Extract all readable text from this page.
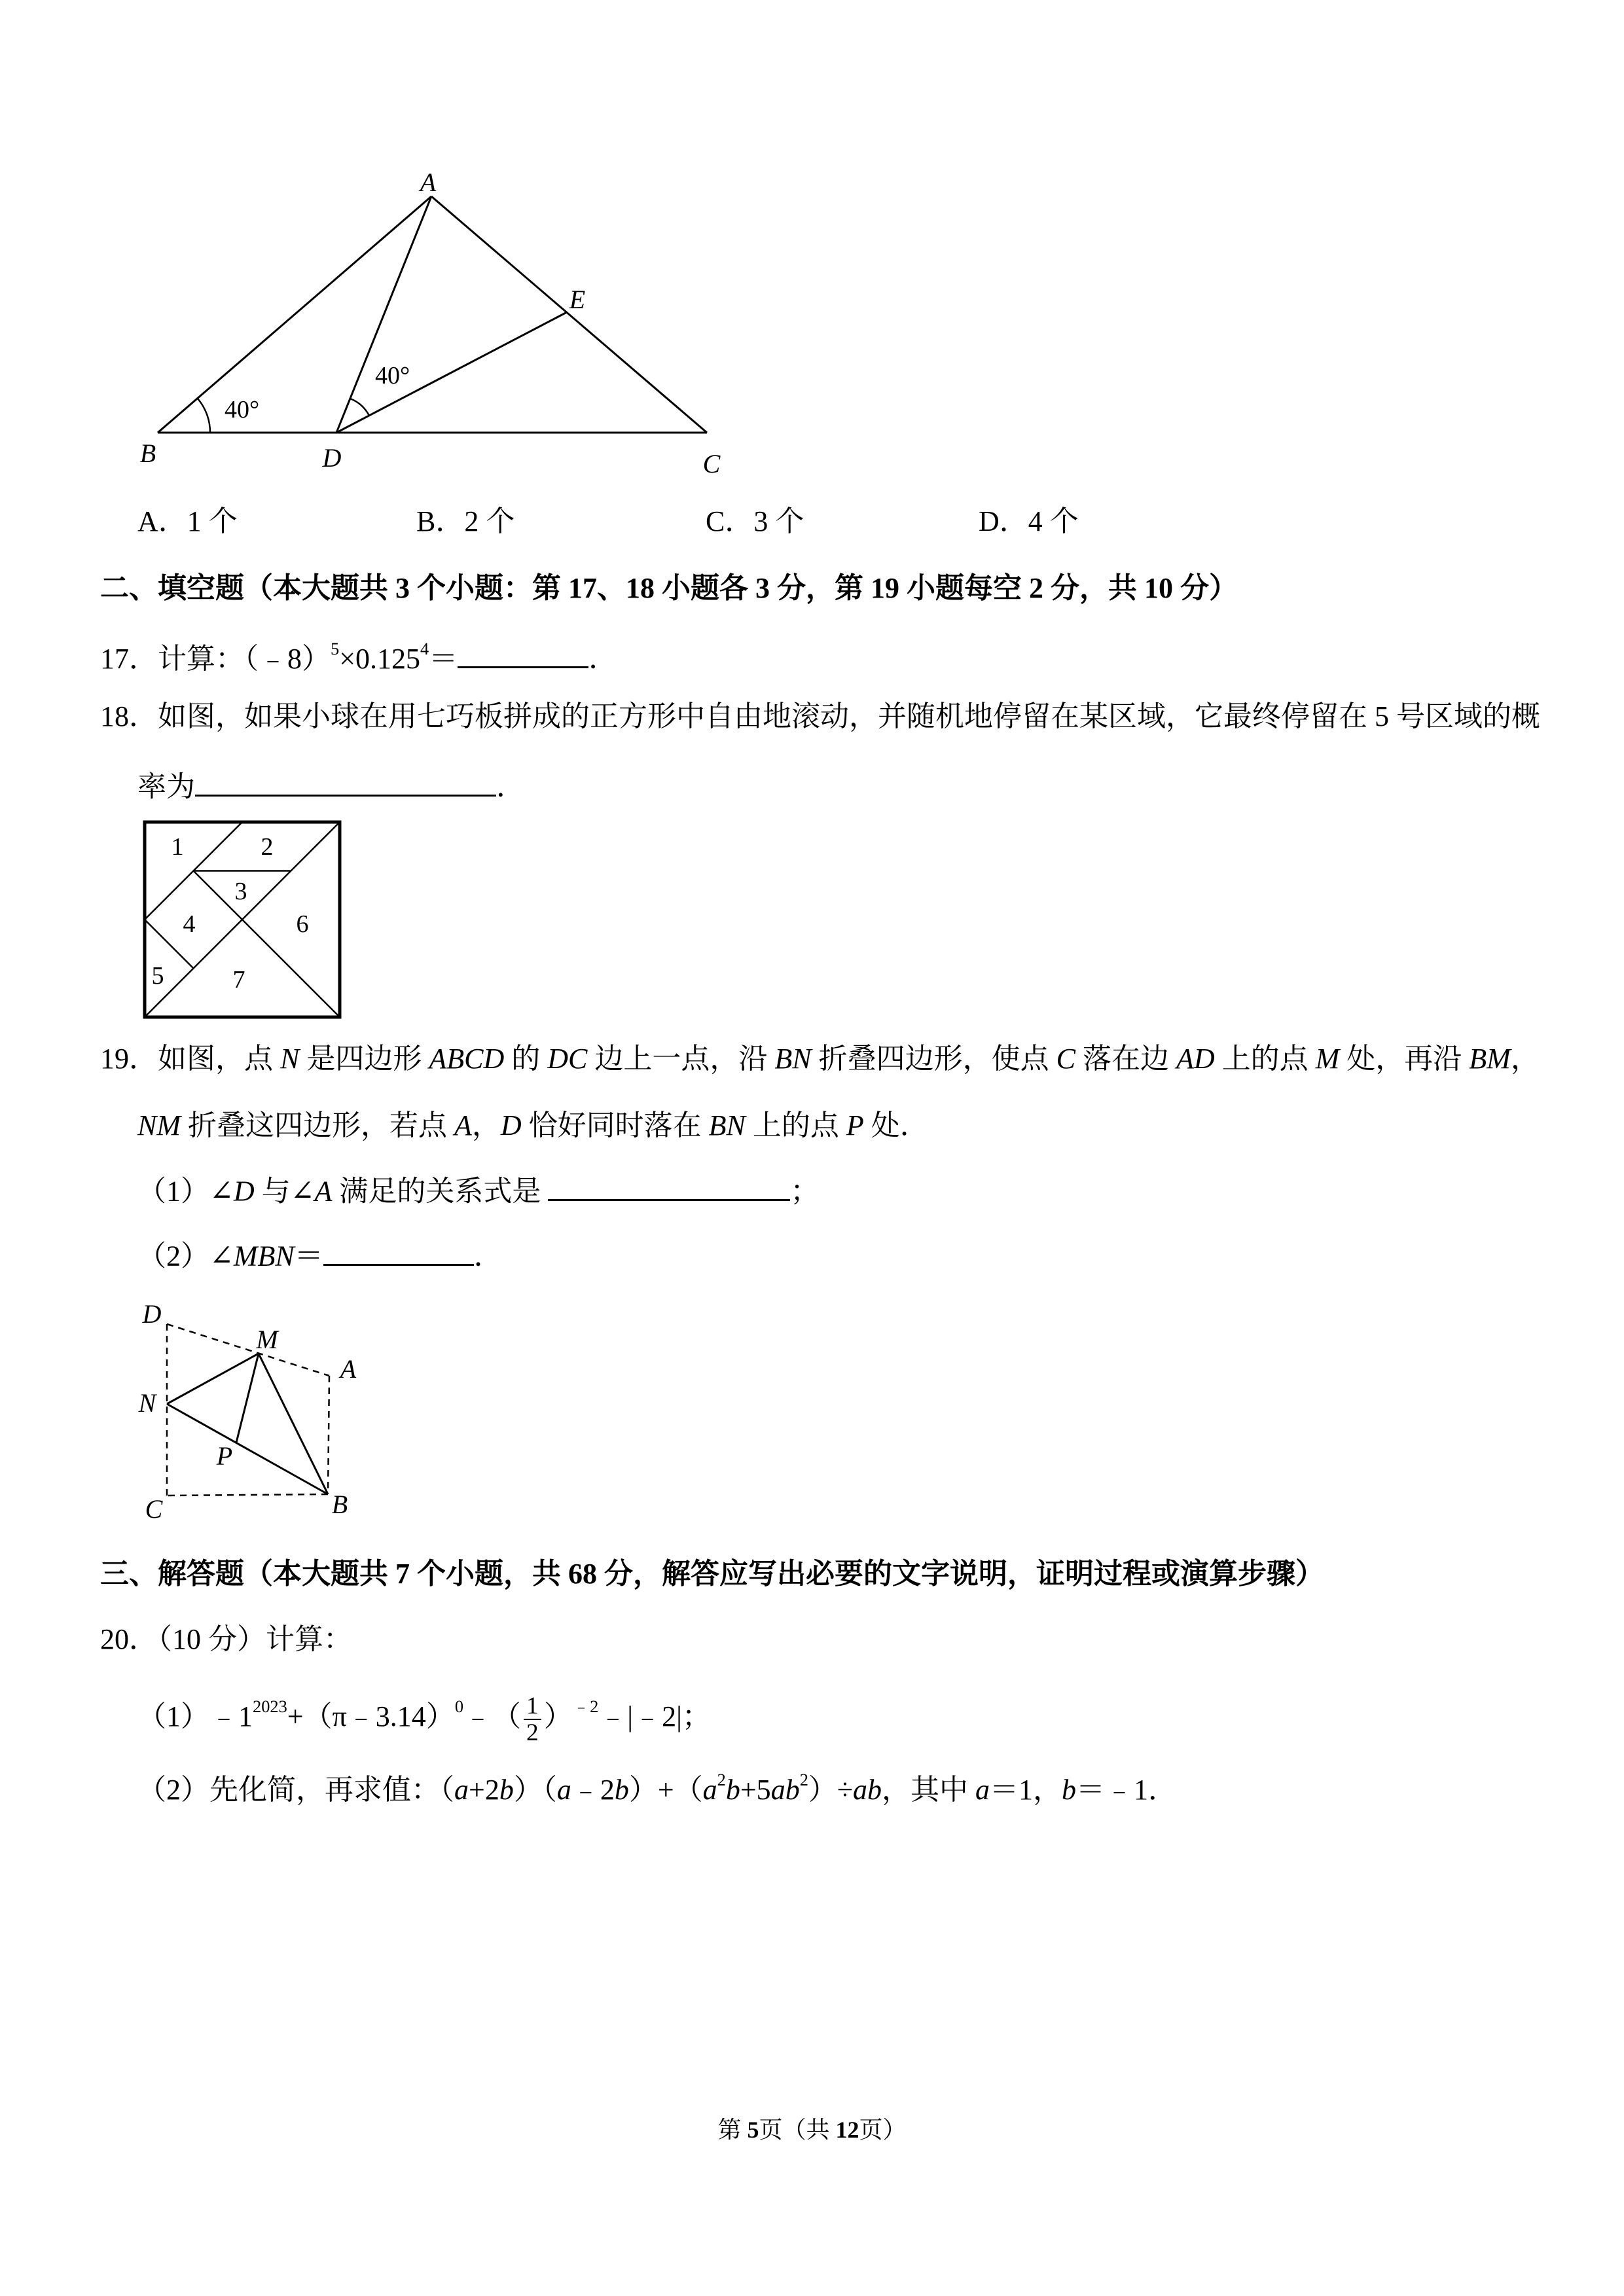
40°
40°
A
B	D	C
E
1	2
3
4
5
6
7
D
M
A
N
P
C	B
A．1 个	B．2 个	C．3 个	D．4 个
二、填空题（本大题共 3 个小题：第 17、18 小题各 3 分，第 19 小题每空 2 分，共 10 分）
17．计算：$(﹣8)^5\times 0.125^4=$	．
18．如图，如果小球在用七巧板拼成的正方形中自由地滚动，并随机地停留在某区域，它最终停留在 5 号区域的概
率为	．
19．如图，点 N 是四边形 ABCD 的 DC 边上一点，沿 BN 折叠四边形，使点 C 落在边 AD 上的点 M 处，再沿 BM，
NM 折叠这四边形，若点 A，D 恰好同时落在 BN 上的点 P 处．
（1）∠D 与∠A 满足的关系式是	；
（2）∠MBN＝	．
三、解答题（本大题共 7 个小题，共 68 分，解答应写出必要的文字说明，证明过程或演算步骤）
20．（10 分）计算：
$(1)﹣1^{2023}+(\pi﹣3.14)^0﹣( \frac{1}{2}$ ）$^{﹣2}$﹣|﹣2|；
（2）先化简，再求值：$(a+2b)(a﹣2b)+(a^2b+5ab^2)\div ab$，其中 a＝1，b＝﹣1．
第 5页（共 12页）
